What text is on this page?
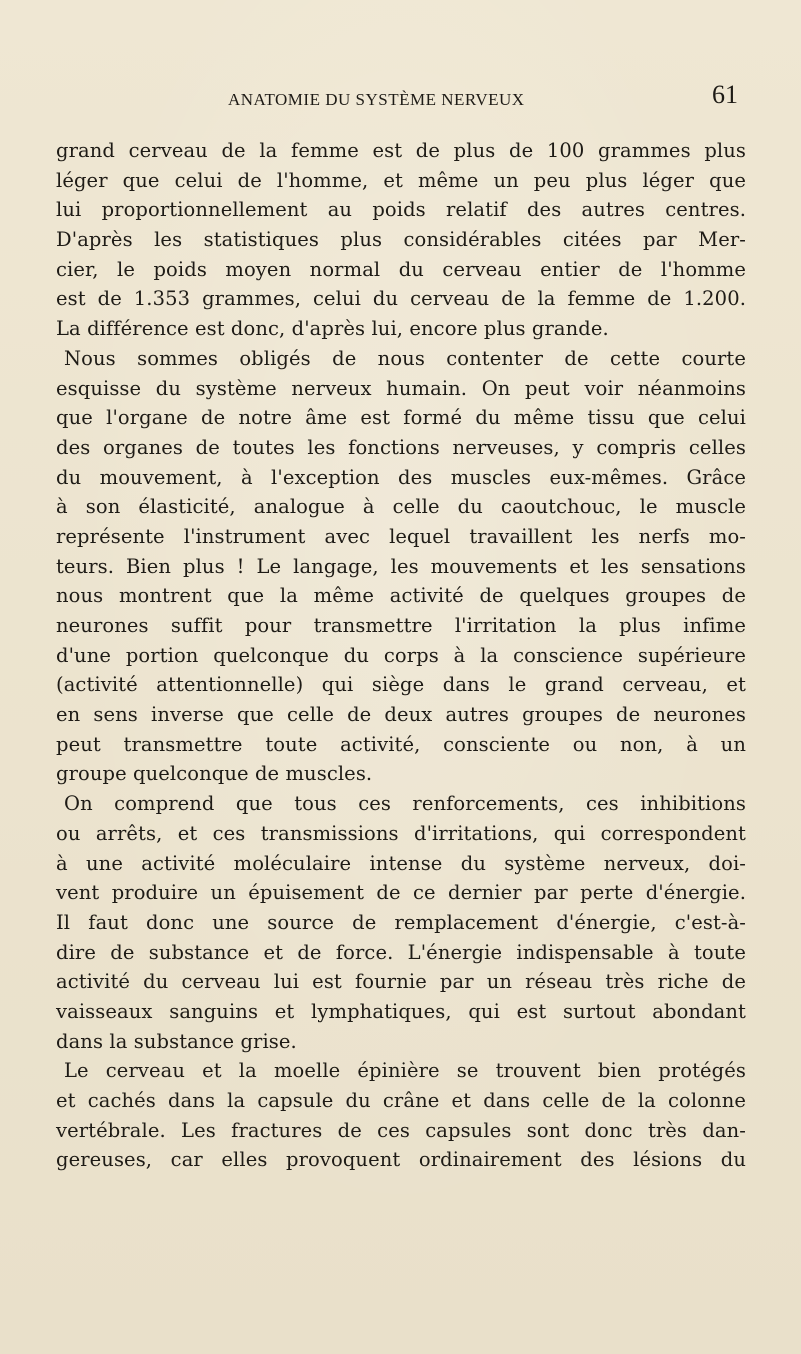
ANATOMIE DU SYSTÈME NERVEUX	61
grand cerveau de la femme est de plus de 100 grammes plus
léger que celui de l'homme, et même un peu plus léger que
lui proportionnellement au poids relatif des autres centres.
D'après les statistiques plus considérables citées par Mer-
cier, le poids moyen normal du cerveau entier de l'homme
est de 1.353 grammes, celui du cerveau de la femme de 1.200.
La différence est donc, d'après lui, encore plus grande.
Nous sommes obligés de nous contenter de cette courte
esquisse du système nerveux humain. On peut voir néanmoins
que l'organe de notre âme est formé du même tissu que celui
des organes de toutes les fonctions nerveuses, y compris celles
du mouvement, à l'exception des muscles eux-mêmes. Grâce
à son élasticité, analogue à celle du caoutchouc, le muscle
représente l'instrument avec lequel travaillent les nerfs mo-
teurs. Bien plus ! Le langage, les mouvements et les sensations
nous montrent que la même activité de quelques groupes de
neurones suffit pour transmettre l'irritation la plus infime
d'une portion quelconque du corps à la conscience supérieure
(activité attentionnelle) qui siège dans le grand cerveau, et
en sens inverse que celle de deux autres groupes de neurones
peut transmettre toute activité, consciente ou non, à un
groupe quelconque de muscles.
On comprend que tous ces renforcements, ces inhibitions
ou arrêts, et ces transmissions d'irritations, qui correspondent
à une activité moléculaire intense du système nerveux, doi-
vent produire un épuisement de ce dernier par perte d'énergie.
Il faut donc une source de remplacement d'énergie, c'est-à-
dire de substance et de force. L'énergie indispensable à toute
activité du cerveau lui est fournie par un réseau très riche de
vaisseaux sanguins et lymphatiques, qui est surtout abondant
dans la substance grise.
Le cerveau et la moelle épinière se trouvent bien protégés
et cachés dans la capsule du crâne et dans celle de la colonne
vertébrale. Les fractures de ces capsules sont donc très dan-
gereuses, car elles provoquent ordinairement des lésions du
